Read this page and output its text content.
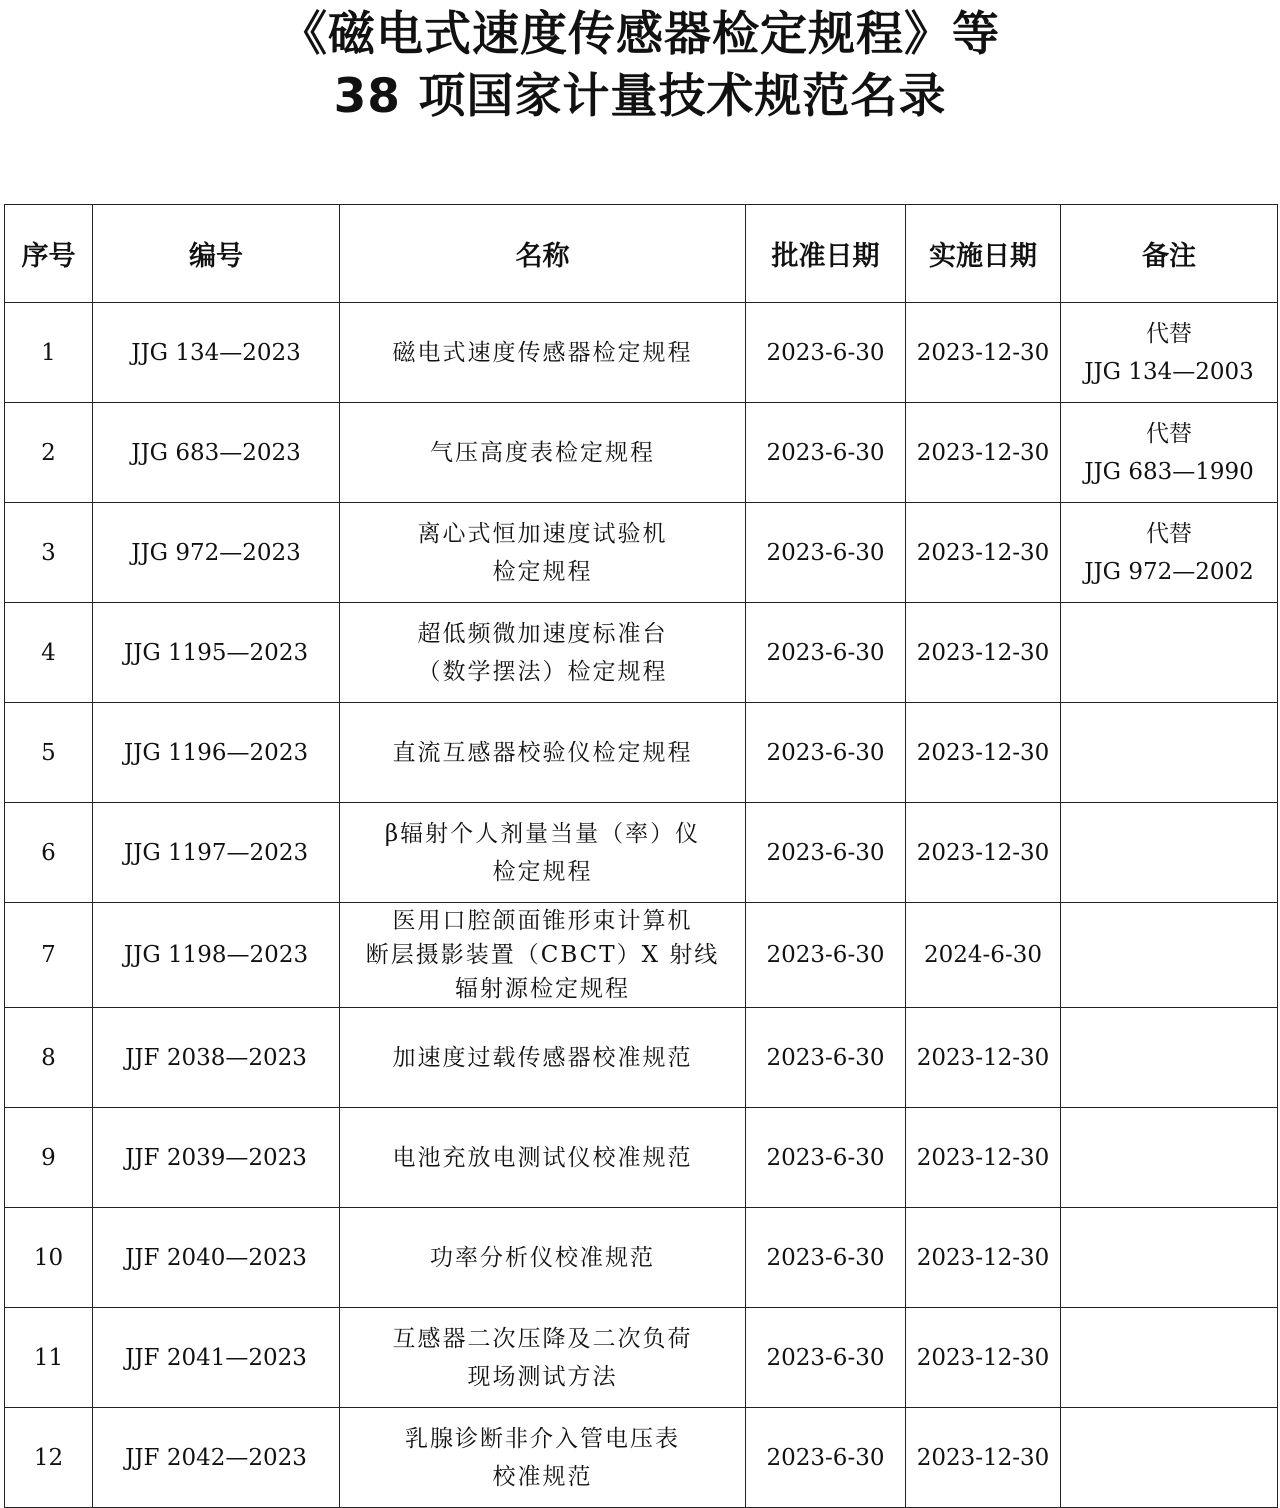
《磁电式速度传感器检定规程》等
38 项国家计量技术规范名录
序号	编号	名称	批准日期	实施日期	备注
1	JJG 134—2023	磁电式速度传感器检定规程	2023-6-30	2023-12-30	代替
JJG 134—2003

2	JJG 683—2023	气压高度表检定规程	2023-6-30	2023-12-30	代替
JJG 683—1990

3	JJG 972—2023	离心式恒加速度试验机
检定规程	2023-6-30	2023-12-30	代替
JJG 972—2002

4	JJG 1195—2023	超低频微加速度标准台
（数学摆法）检定规程	2023-6-30	2023-12-30	
5	JJG 1196—2023	直流互感器校验仪检定规程	2023-6-30	2023-12-30	
6	JJG 1197—2023	β辐射个人剂量当量（率）仪
检定规程	2023-6-30	2023-12-30	
7	JJG 1198—2023	医用口腔颌面锥形束计算机
断层摄影装置（CBCT）X 射线
辐射源检定规程	2023-6-30	2024-6-30	
8	JJF 2038—2023	加速度过载传感器校准规范	2023-6-30	2023-12-30	
9	JJF 2039—2023	电池充放电测试仪校准规范	2023-6-30	2023-12-30	
10	JJF 2040—2023	功率分析仪校准规范	2023-6-30	2023-12-30	
11	JJF 2041—2023	互感器二次压降及二次负荷
现场测试方法	2023-6-30	2023-12-30	
12	JJF 2042—2023	乳腺诊断非介入管电压表
校准规范	2023-6-30	2023-12-30	
